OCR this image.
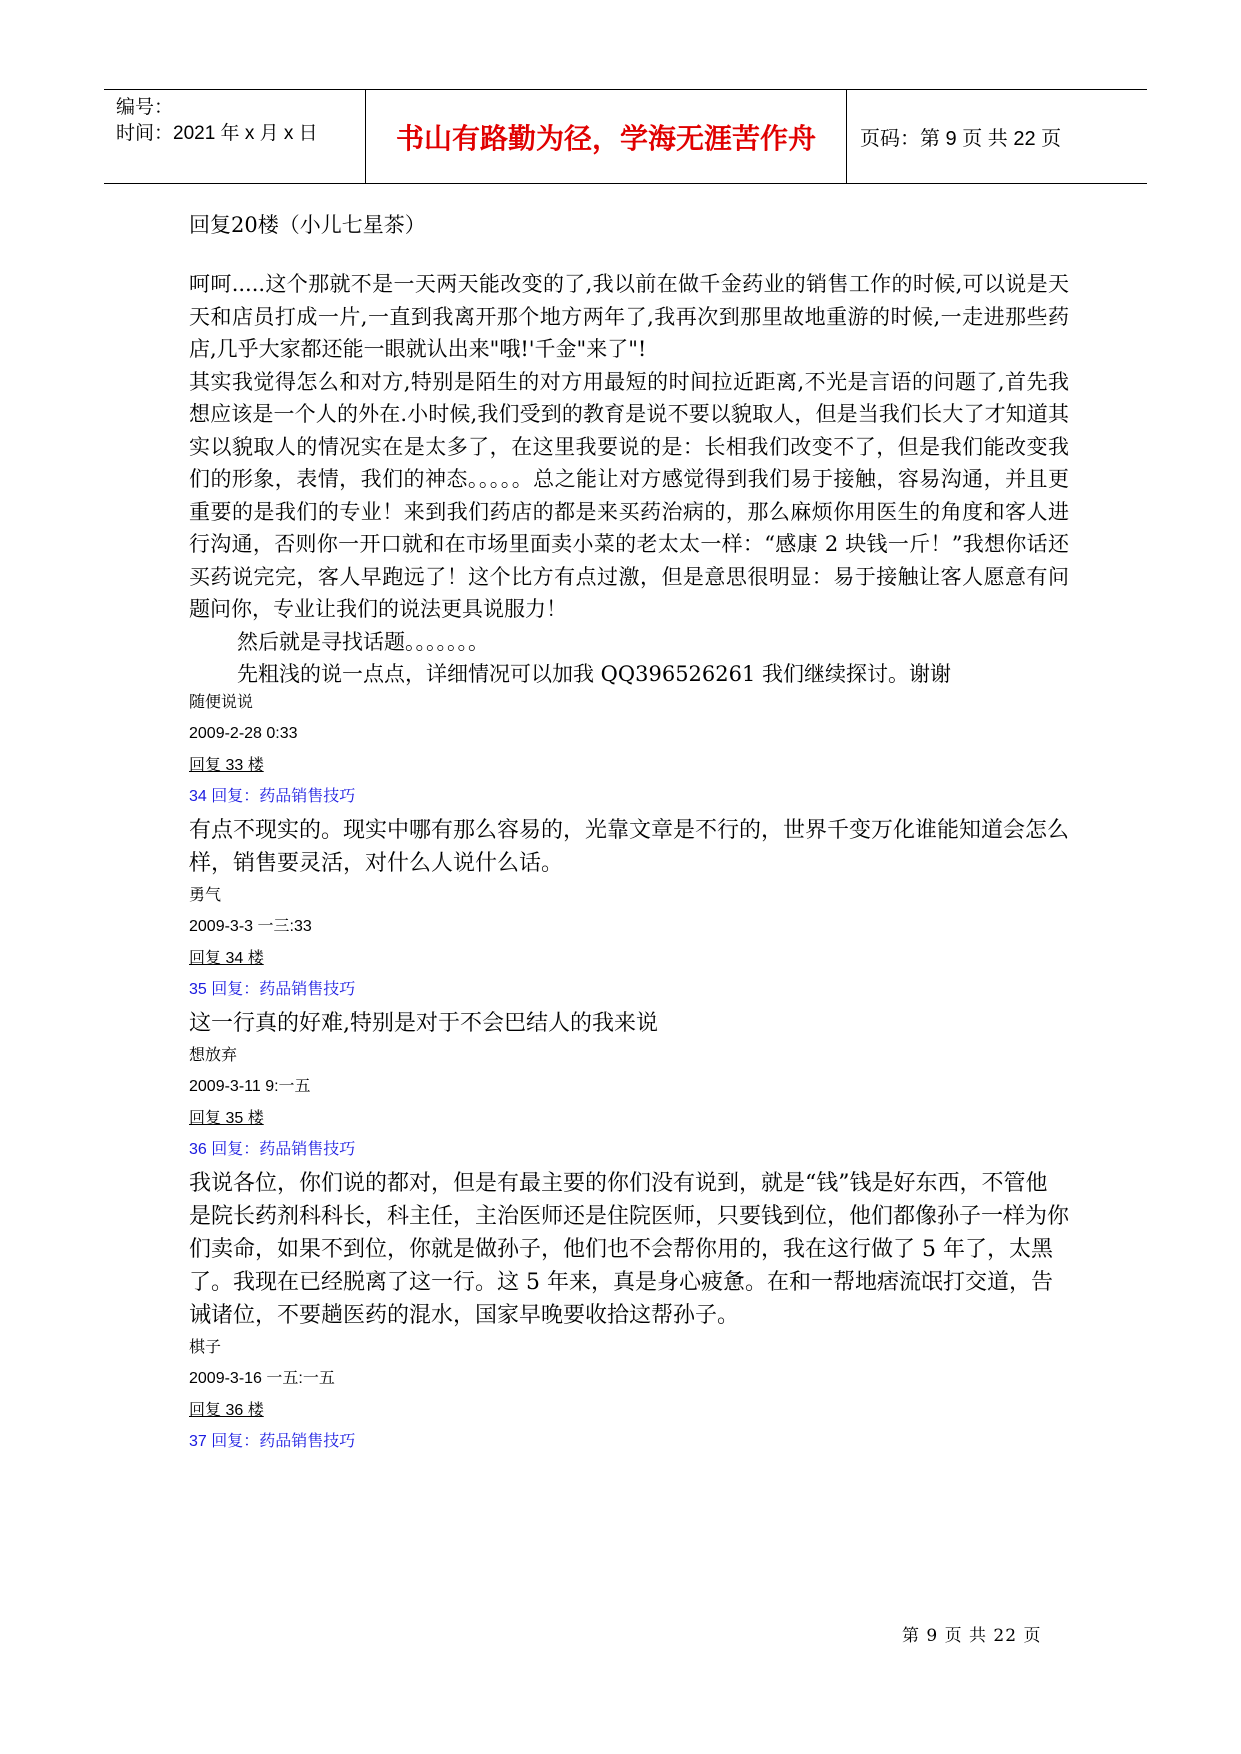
编号：
时间：2021 年 x 月 x 日	书山有路勤为径，学海无涯苦作舟	页码：第 9 页 共 22 页

回复20楼（小儿七星茶）

呵呵.....这个那就不是一天两天能改变的了,我以前在做千金药业的销售工作的时候,可以说是天天和店员打成一片,一直到我离开那个地方两年了,我再次到那里故地重游的时候,一走进那些药店,几乎大家都还能一眼就认出来"哦!'千金"来了"!

其实我觉得怎么和对方,特别是陌生的对方用最短的时间拉近距离,不光是言语的问题了,首先我想应该是一个人的外在.小时候,我们受到的教育是说不要以貌取人，但是当我们长大了才知道其实以貌取人的情况实在是太多了，在这里我要说的是：长相我们改变不了，但是我们能改变我们的形象，表情，我们的神态。。。。。总之能让对方感觉得到我们易于接触，容易沟通，并且更重要的是我们的专业！来到我们药店的都是来买药治病的，那么麻烦你用医生的角度和客人进行沟通，否则你一开口就和在市场里面卖小菜的老太太一样：“感康 2 块钱一斤！”我想你话还买药说完完，客人早跑远了！这个比方有点过激，但是意思很明显：易于接触让客人愿意有问题问你，专业让我们的说法更具说服力！

然后就是寻找话题。。。。。。。

先粗浅的说一点点，详细情况可以加我 QQ396526261 我们继续探讨。谢谢

随便说说

2009-2-28 0:33

回复 33 楼

34 回复：药品销售技巧

有点不现实的。现实中哪有那么容易的，光靠文章是不行的，世界千变万化谁能知道会怎么样，销售要灵活，对什么人说什么话。

勇气

2009-3-3 一三:33

回复 34 楼

35 回复：药品销售技巧

这一行真的好难,特别是对于不会巴结人的我来说

想放弃

2009-3-11 9:一五

回复 35 楼

36 回复：药品销售技巧

我说各位，你们说的都对，但是有最主要的你们没有说到，就是“钱”钱是好东西，不管他是院长药剂科科长，科主任，主治医师还是住院医师，只要钱到位，他们都像孙子一样为你们卖命，如果不到位，你就是做孙子，他们也不会帮你用的，我在这行做了 5 年了，太黑了。我现在已经脱离了这一行。这 5 年来，真是身心疲惫。在和一帮地痞流氓打交道，告诫诸位，不要趟医药的混水，国家早晚要收拾这帮孙子。

棋子

2009-3-16 一五:一五

回复 36 楼

37 回复：药品销售技巧

第 9 页 共 22 页
